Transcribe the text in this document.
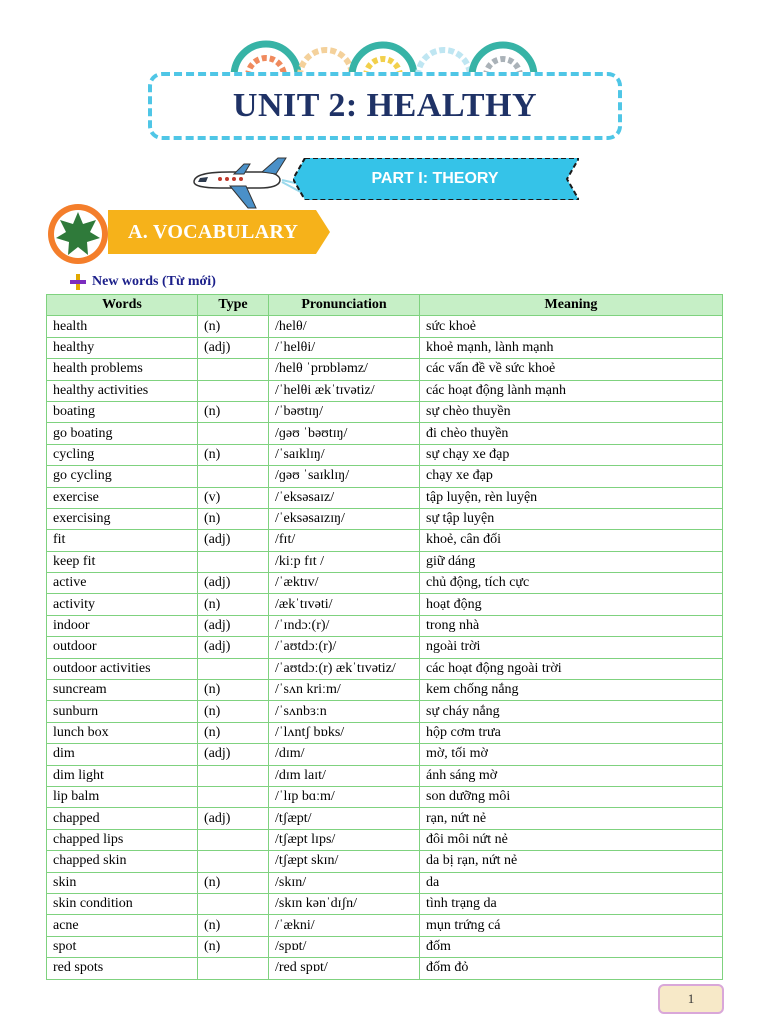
UNIT 2: HEALTHY
PART I: THEORY
A. VOCABULARY
New words (Từ mới)
Words	Type	Pronunciation	Meaning
health	(n)	/helθ/	sức khoẻ
healthy	(adj)	/ˈhelθi/	khoẻ mạnh, lành mạnh
health problems		/helθ ˈprɒbləmz/	các vấn đề về sức khoẻ
healthy activities		/ˈhelθi ækˈtɪvətiz/	các hoạt động lành mạnh
boating	(n)	/ˈbəʊtɪŋ/	sự chèo thuyền
go boating		/ɡəʊ ˈbəʊtɪŋ/	đi chèo thuyền
cycling	(n)	/ˈsaɪklɪŋ/	sự chạy xe đạp
go cycling		/ɡəʊ ˈsaɪklɪŋ/	chạy xe đạp
exercise	(v)	/ˈeksəsaɪz/	tập luyện, rèn luyện
exercising	(n)	/ˈeksəsaɪzɪŋ/	sự tập luyện
fit	(adj)	/fɪt/	khoẻ, cân đối
keep fit		/kiːp fɪt /	giữ dáng
active	(adj)	/ˈæktɪv/	chủ động, tích cực
activity	(n)	/ækˈtɪvəti/	hoạt động
indoor	(adj)	/ˈɪndɔː(r)/	trong nhà
outdoor	(adj)	/ˈaʊtdɔː(r)/	ngoài trời
outdoor activities		/ˈaʊtdɔː(r) ækˈtɪvətiz/	các hoạt động ngoài trời
suncream	(n)	/ˈsʌn kriːm/	kem chống nắng
sunburn	(n)	/ˈsʌnbɜːn	sự cháy nắng
lunch box	(n)	/ˈlʌntʃ bɒks/	hộp cơm trưa
dim	(adj)	/dɪm/	mờ, tối mờ
dim light		/dɪm laɪt/	ánh sáng mờ
lip balm		/ˈlɪp bɑːm/	son dưỡng môi
chapped	(adj)	/tʃæpt/	rạn, nứt nẻ
chapped lips		/tʃæpt lɪps/	đôi môi nứt nẻ
chapped skin		/tʃæpt skɪn/	da bị rạn, nứt nẻ
skin	(n)	/skɪn/	da
skin condition		/skɪn kənˈdɪʃn/	tình trạng da
acne	(n)	/ˈækni/	mụn trứng cá
spot	(n)	/spɒt/	đốm
red spots		/red spɒt/	đốm đỏ
1
